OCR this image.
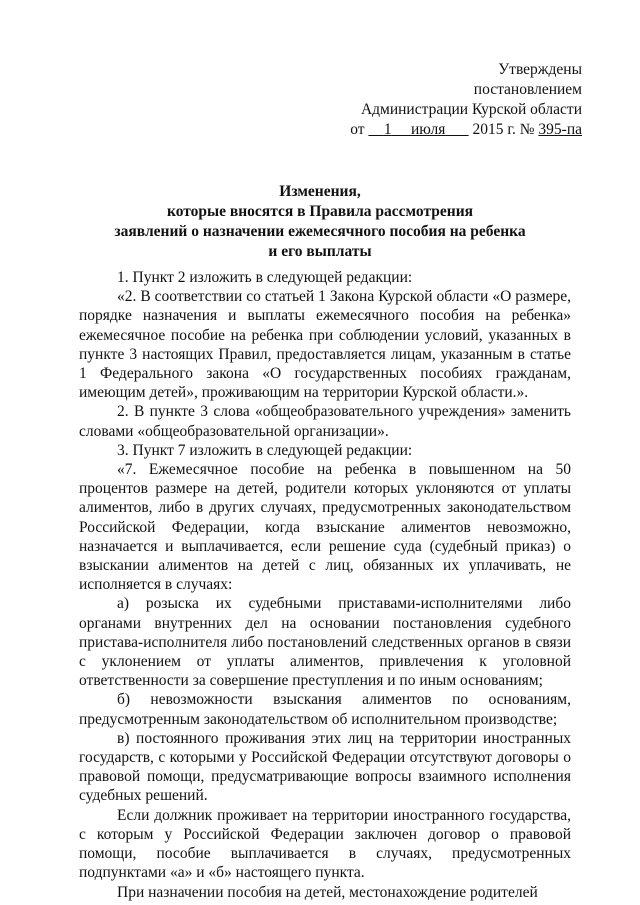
Утверждены
постановлением
Администрации Курской области
от 1 июля 2015 г. № 395-па
Изменения,
которые вносятся в Правила рассмотрения
заявлений о назначении ежемесячного пособия на ребенка
и его выплаты

1. Пункт 2 изложить в следующей редакции:

«2. В соответствии со статьей 1 Закона Курской области «О размере, порядке назначения и выплаты ежемесячного пособия на ребенка» ежемесячное пособие на ребенка при соблюдении условий, указанных в пункте 3 настоящих Правил, предоставляется лицам, указанным в статье 1 Федерального закона «О государственных пособиях гражданам, имеющим детей», проживающим на территории Курской области.».

2. В пункте 3 слова «общеобразовательного учреждения» заменить словами «общеобразовательной организации».

3. Пункт 7 изложить в следующей редакции:

«7. Ежемесячное пособие на ребенка в повышенном на 50 процентов размере на детей, родители которых уклоняются от уплаты алиментов, либо в других случаях, предусмотренных законодательством Российской Федерации, когда взыскание алиментов невозможно, назначается и выплачивается, если решение суда (судебный приказ) о взыскании алиментов на детей с лиц, обязанных их уплачивать, не исполняется в случаях:

а) розыска их судебными приставами-исполнителями либо органами внутренних дел на основании постановления судебного пристава-исполнителя либо постановлений следственных органов в связи с уклонением от уплаты алиментов, привлечения к уголовной ответственности за совершение преступления и по иным основаниям;

б) невозможности взыскания алиментов по основаниям, предусмотренным законодательством об исполнительном производстве;

в) постоянного проживания этих лиц на территории иностранных государств, с которыми у Российской Федерации отсутствуют договоры о правовой помощи, предусматривающие вопросы взаимного исполнения судебных решений.

Если должник проживает на территории иностранного государства, с которым у Российской Федерации заключен договор о правовой помощи, пособие выплачивается в случаях, предусмотренных подпунктами «а» и «б» настоящего пункта.

При назначении пособия на детей, местонахождение родителей
